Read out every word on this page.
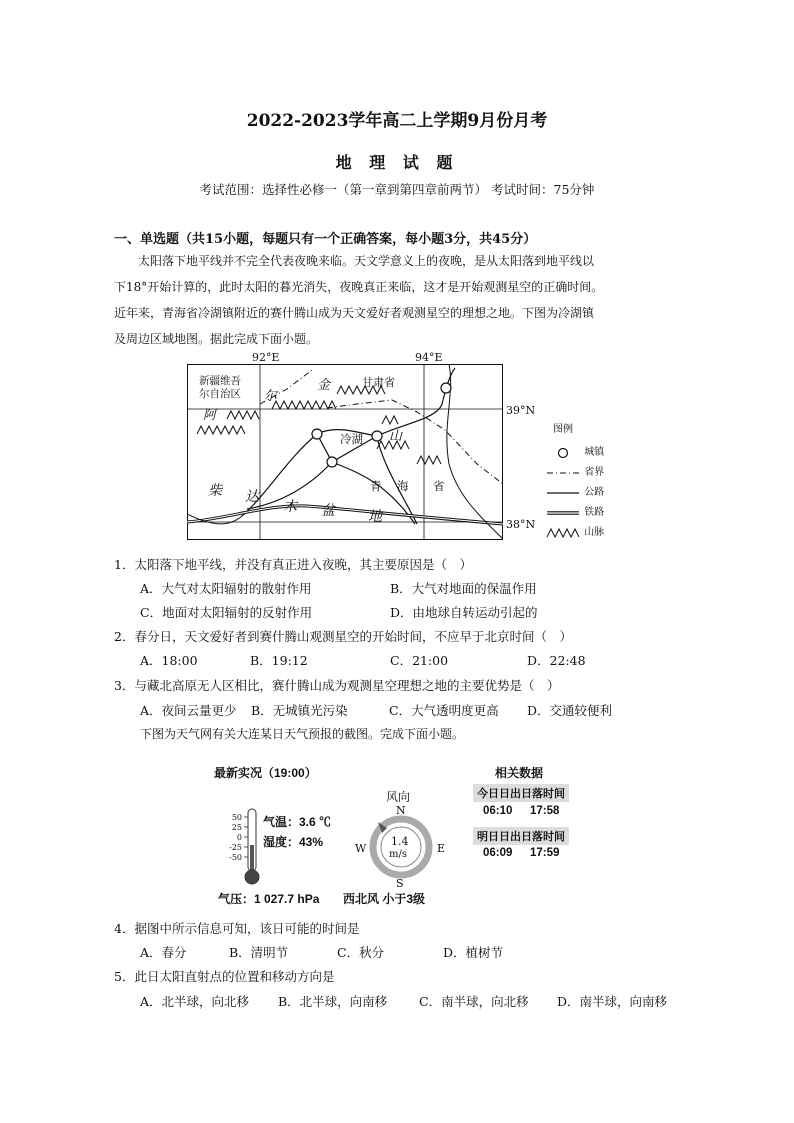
2022-2023学年高二上学期9月份月考
地 理 试 题
考试范围：选择性必修一（第一章到第四章前两节） 考试时间：75分钟
一、单选题（共15小题，每题只有一个正确答案，每小题3分，共45分）
太阳落下地平线并不完全代表夜晚来临。天文学意义上的夜晚，是从太阳落到地平线以
下18°开始计算的，此时太阳的暮光消失，夜晚真正来临，这才是开始观测星空的正确时间。
近年来，青海省冷湖镇附近的赛什腾山成为天文爱好者观测星空的理想之地。下图为冷湖镇
及周边区域地图。据此完成下面小题。
92°E	94°E
39°N
38°N
新疆维吾
尔自治区
甘肃省
阿
尔
金
山
冷湖
青 海 省
柴 达
木 盆 地
图例
城镇
省界
公路
铁路
山脉
1．太阳落下地平线，并没有真正进入夜晚，其主要原因是（　）
A．大气对太阳辐射的散射作用	B．大气对地面的保温作用
C．地面对太阳辐射的反射作用	D．由地球自转运动引起的
2．春分日，天文爱好者到赛什腾山观测星空的开始时间，不应早于北京时间（　）
A．18:00	B．19:12	C．21:00	D．22:48
3．与藏北高原无人区相比，赛什腾山成为观测星空理想之地的主要优势是（　）
A．夜间云量更少 B．无城镇光污染	C．大气透明度更高 D．交通较便利
下图为天气网有关大连某日天气预报的截图。完成下面小题。
最新实况（19:00）
50
25
0
-25
-50
气温：3.6 ℃
湿度：43%
气压：1 027.7 hPa
风向
N
S
W	E
1.4
m/s
西北风 小于3级
相关数据
今日日出日落时间
06:10 17:58
明日日出日落时间
06:09 17:59
4．据图中所示信息可知，该日可能的时间是
A．春分	B．清明节	C．秋分	D．植树节
5．此日太阳直射点的位置和移动方向是
A．北半球，向北移 B．北半球，向南移	C．南半球，向北移 D．南半球，向南移
